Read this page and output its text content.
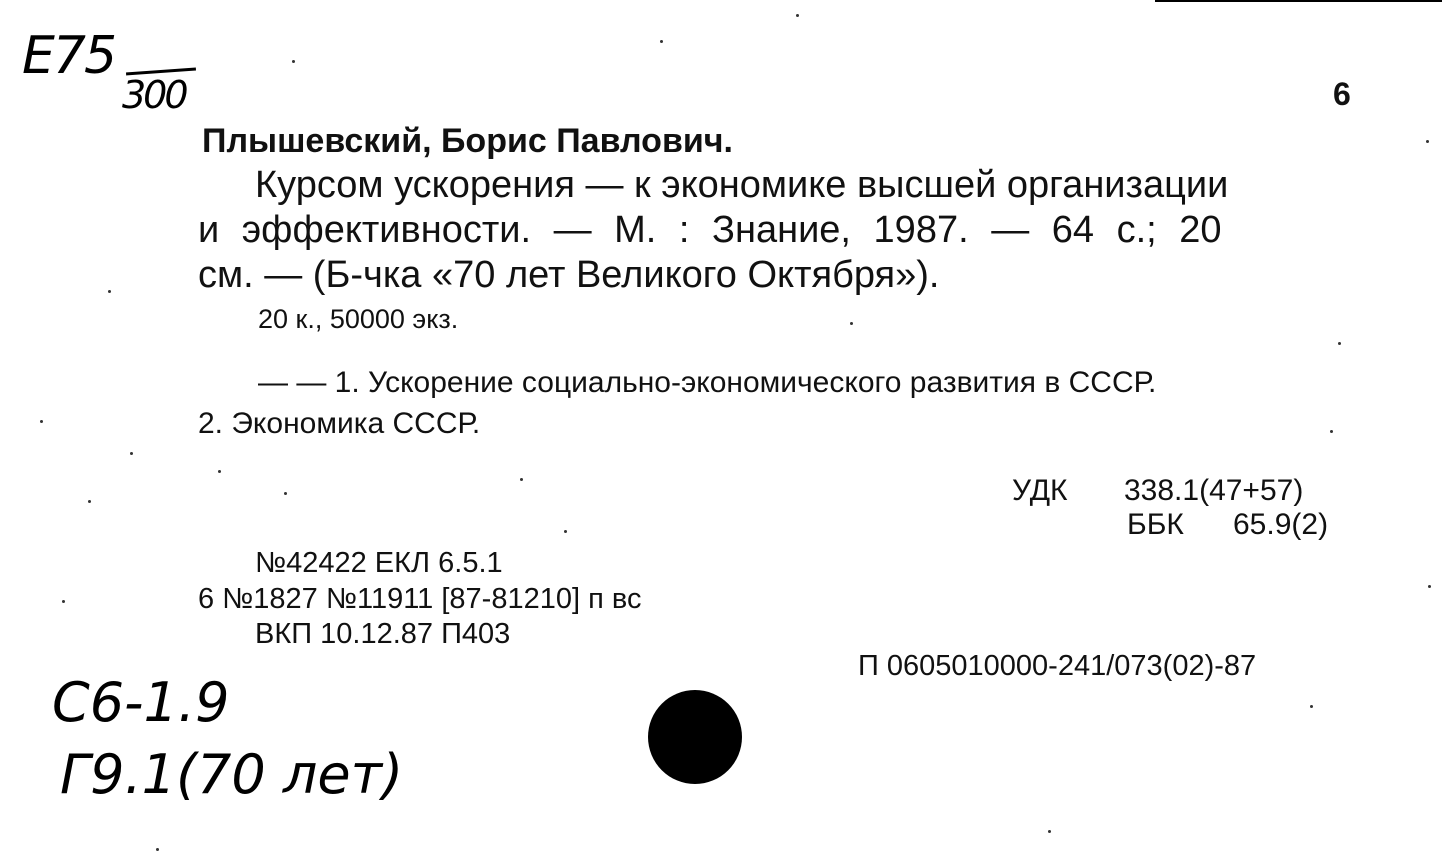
Е75
300	6
Плышевский, Борис Павлович.
Курсом ускорения — к экономике высшей организации
и эффективности. — М. : Знание, 1987. — 64 с.; 20
см. — (Б-чка «70 лет Великого Октября»).
20 к., 50000 экз.
— — 1. Ускорение социально-экономического развития в СССР.
2. Экономика СССР.
УДК 338.1(47+57)
ББК 65.9(2)
№42422 ЕКЛ 6.5.1
6 №1827 №11911 [87-81210] п вс
ВКП 10.12.87 П403
П 0605010000-241/073(02)-87
С6-1.9
Г9.1(70 лет)
